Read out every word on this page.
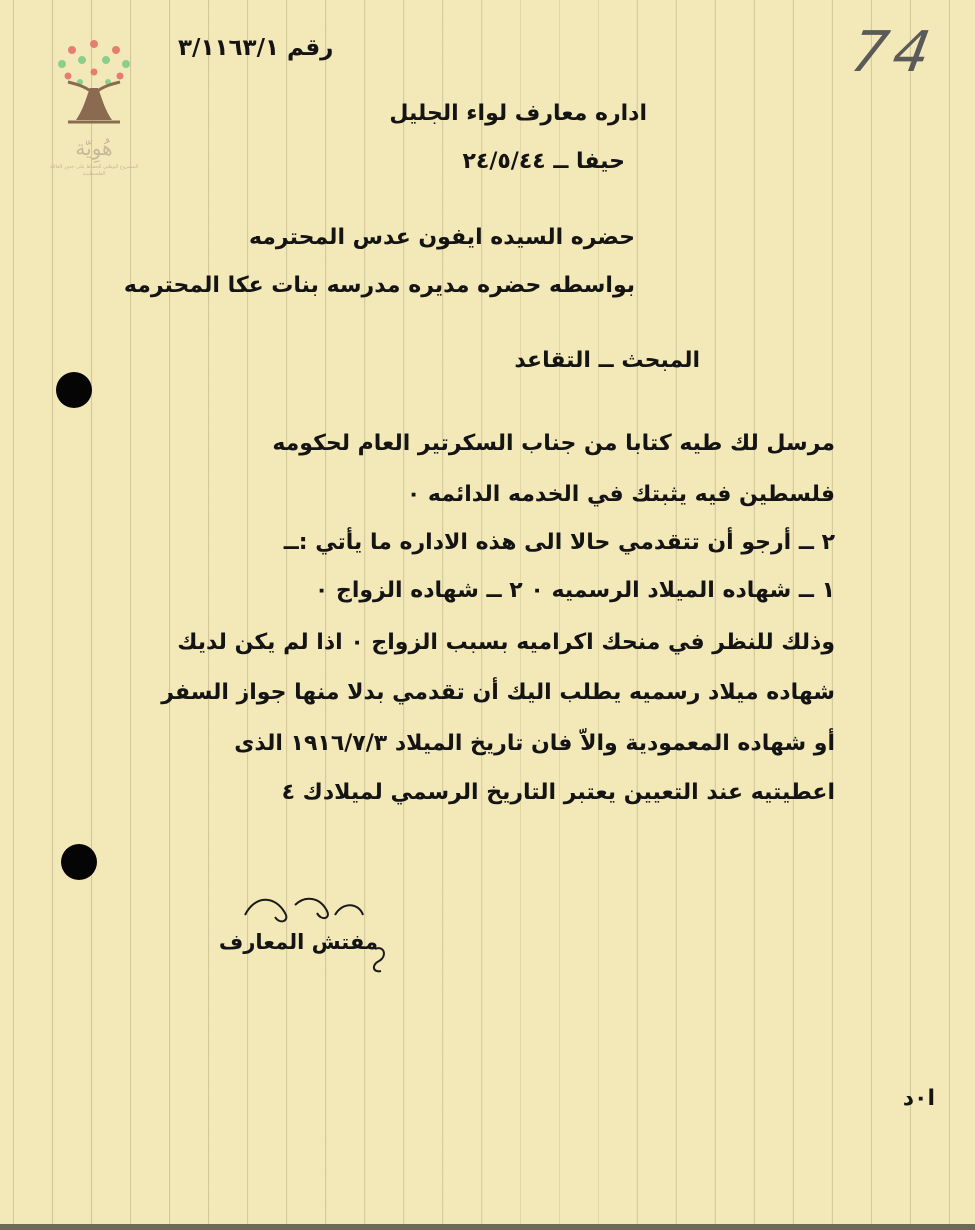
هُوِيّة
المشروع الوطني للحفاظ على جذور العائلة الفلسطينية
رقم ٣/١١٦٣/١	74
اداره معارف لواء الجليل
حيفا ــ ٢٤/٥/٤٤
حضره السيده ايفون عدس المحترمه
بواسطه حضره مديره مدرسه بنات عكا المحترمه
المبحث ــ التقاعد
مرسل لك طيه كتابا من جناب السكرتير العام لحكومه
فلسطين فيه يثبتك في الخدمه الدائمه ٠
٢ ــ أرجو أن تتقدمي حالا الى هذه الاداره ما يأتي :ــ
١ ــ شهاده الميلاد الرسميه ٠ ٢ ــ شهاده الزواج ٠
وذلك للنظر في منحك اكراميه بسبب الزواج ٠ اذا لم يكن لديك
شهاده ميلاد رسميه يطلب اليك أن تقدمي بدلا منها جواز السفر
أو شهاده المعمودية والاّ فان تاريخ الميلاد ١٩١٦/٧/٣ الذى
اعطيتيه عند التعيين يعتبر التاريخ الرسمي لميلادك ٤
مفتش المعارف
ا٠د
